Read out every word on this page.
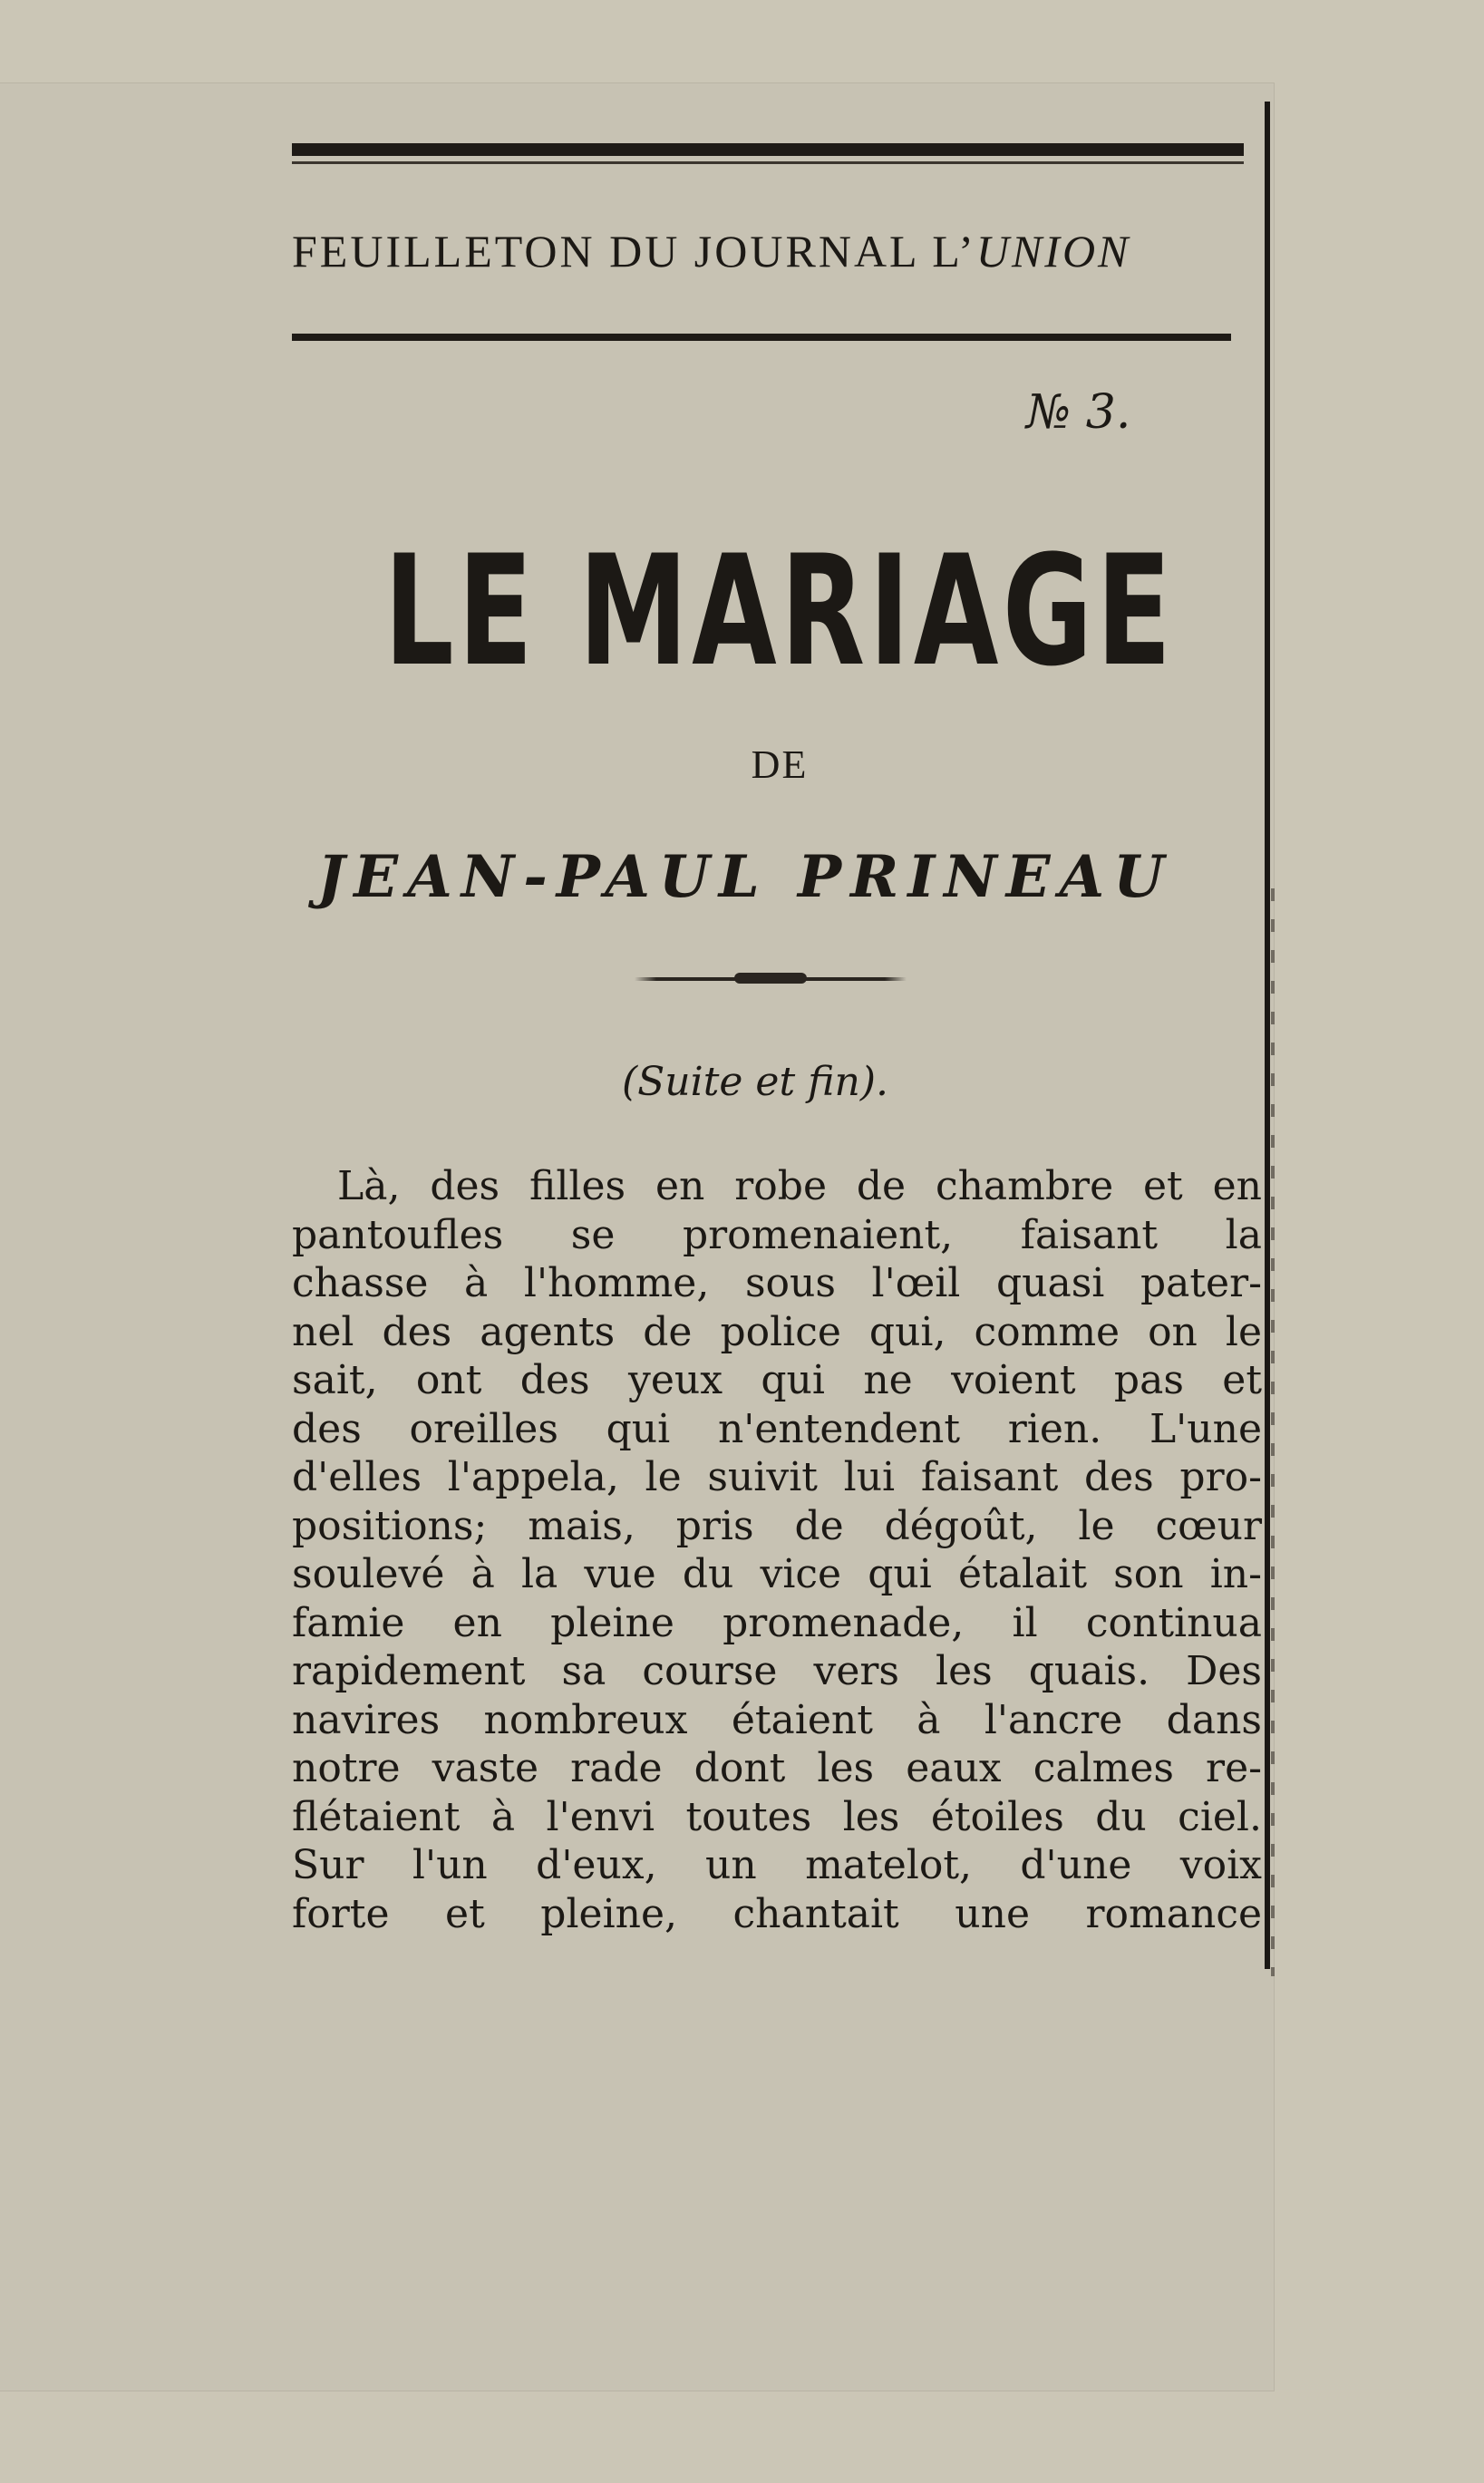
FEUILLETON DU JOURNAL L’UNION
№ 3.
LE MARIAGE
DE
JEAN-PAUL PRINEAU
(Suite et fin).
Là, des filles en robe de chambre et en
pantoufles se promenaient, faisant la
chasse à l'homme, sous l'œil quasi pater-
nel des agents de police qui, comme on le
sait, ont des yeux qui ne voient pas et
des oreilles qui n'entendent rien. L'une
d'elles l'appela, le suivit lui faisant des pro-
positions; mais, pris de dégoût, le cœur
soulevé à la vue du vice qui étalait son in-
famie en pleine promenade, il continua
rapidement sa course vers les quais. Des
navires nombreux étaient à l'ancre dans
notre vaste rade dont les eaux calmes re-
flétaient à l'envi toutes les étoiles du ciel.
Sur l'un d'eux, un matelot, d'une voix
forte et pleine, chantait une romance
